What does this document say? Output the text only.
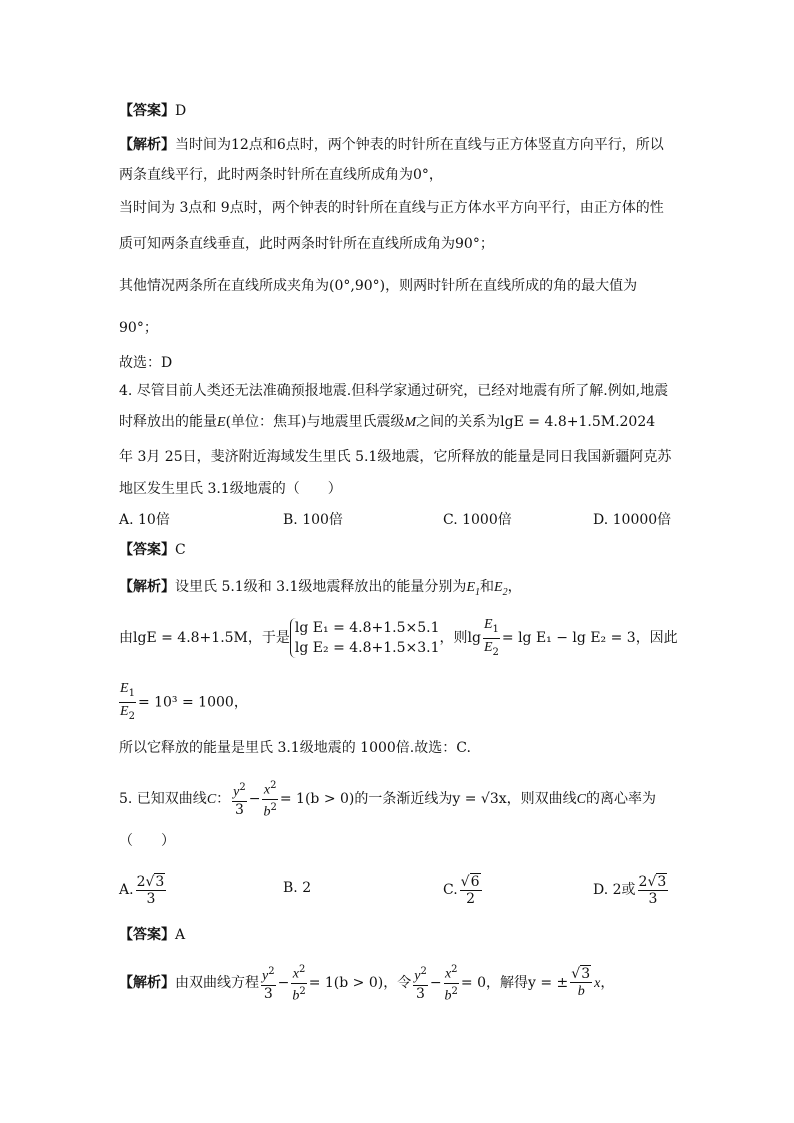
【答案】D
【解析】当时间为12点和6点时，两个钟表的时针所在直线与正方体竖直方向平行，所以
两条直线平行，此时两条时针所在直线所成角为0°，
当时间为 3点和 9点时，两个钟表的时针所在直线与正方体水平方向平行，由正方体的性
质可知两条直线垂直，此时两条时针所在直线所成角为90°；
其他情况两条所在直线所成夹角为(0°,90°)，则两时针所在直线所成的角的最大值为
90°；
故选：D
4. 尽管目前人类还无法准确预报地震.但科学家通过研究，已经对地震有所了解.例如,地震
时释放出的能量E(单位：焦耳)与地震里氏震级M之间的关系为lgE = 4.8+1.5M.2024
年 3月 25日，斐济附近海域发生里氏 5.1级地震，它所释放的能量是同日我国新疆阿克苏
地区发生里氏 3.1级地震的（　　）
A. 10倍	B. 100倍	C. 1000倍	D. 10000倍
【答案】C
【解析】设里氏 5.1级和 3.1级地震释放出的能量分别为$E_1$和$E_2$，
由lgE = 4.8+1.5M，于是
lg E₁ = 4.8+1.5×5.1
lg E₂ = 4.8+1.5×3.1
，则$\lg \frac{E_1}{E_2} = \lg E_1 - \lg E_2 = 3$，因此
$\frac{E_1}{E_2} = 10^3 = 1000$，
所以它释放的能量是里氏 3.1级地震的 1000倍.故选：C.
5. 已知双曲线C： $\frac{y^2}{3} - \frac{x^2}{b^2} = 1(b > 0)$的一条渐近线为y = √3x，则双曲线C的离心率为
（　　）
A. $\frac{2√3}{3}$	B. 2	C. $\frac{√6}{2}$	D. 2或 $\frac{2√3}{3}$
【答案】A
【解析】由双曲线方程 $\frac{y^2}{3} - \frac{x^2}{b^2} = 1(b > 0)$，令 $\frac{y^2}{3} - \frac{x^2}{b^2} = 0$，解得y = ± $\frac{√3}{b}$ x，
